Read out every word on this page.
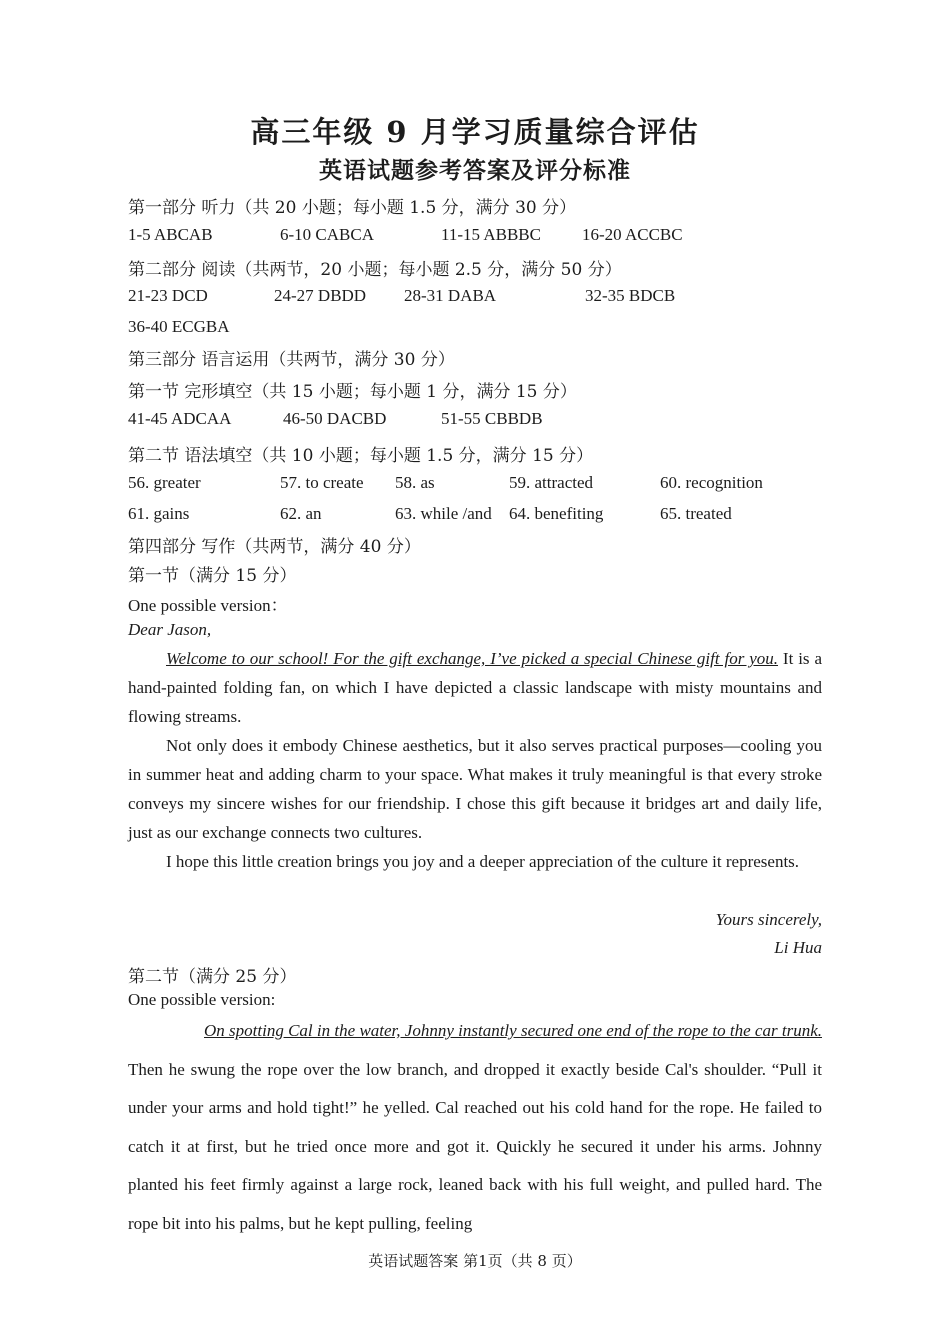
高三年级 9 月学习质量综合评估
英语试题参考答案及评分标准
第一部分 听力（共 20 小题；每小题 1.5 分，满分 30 分）
1-5 ABCAB	6-10 CABCA	11-15 ABBBC 16-20 ACCBC
第二部分 阅读（共两节，20 小题；每小题 2.5 分，满分 50 分）
21-23 DCD	24-27 DBDD 28-31 DABA	32-35 BDCB
36-40 ECGBA
第三部分 语言运用（共两节，满分 30 分）
第一节 完形填空（共 15 小题；每小题 1 分，满分 15 分）
41-45 ADCAA	46-50 DACBD	51-55 CBBDB
第二节 语法填空（共 10 小题；每小题 1.5 分，满分 15 分）
56. greater	57. to create 58. as	59. attracted	60. recognition
61. gains	62. an	63. while /and 64. benefiting	65. treated
第四部分 写作（共两节，满分 40 分）
第一节（满分 15 分）
One possible version：
Dear Jason,

Welcome to our school! For the gift exchange, I’ve picked a special Chinese gift for you. It is a hand-painted folding fan, on which I have depicted a classic landscape with misty mountains and flowing streams.

Not only does it embody Chinese aesthetics, but it also serves practical purposes—cooling you in summer heat and adding charm to your space. What makes it truly meaningful is that every stroke conveys my sincere wishes for our friendship. I chose this gift because it bridges art and daily life, just as our exchange connects two cultures.

I hope this little creation brings you joy and a deeper appreciation of the culture it represents.

Yours sincerely,
Li Hua
第二节（满分 25 分）
One possible version:

On spotting Cal in the water, Johnny instantly secured one end of the rope to the car trunk. Then he swung the rope over the low branch, and dropped it exactly beside Cal's shoulder. “Pull it under your arms and hold tight!” he yelled. Cal reached out his cold hand for the rope. He failed to catch it at first, but he tried once more and got it. Quickly he secured it under his arms. Johnny planted his feet firmly against a large rock, leaned back with his full weight, and pulled hard. The rope bit into his palms, but he kept pulling, feeling

英语试题答案 第1页（共 8 页）
